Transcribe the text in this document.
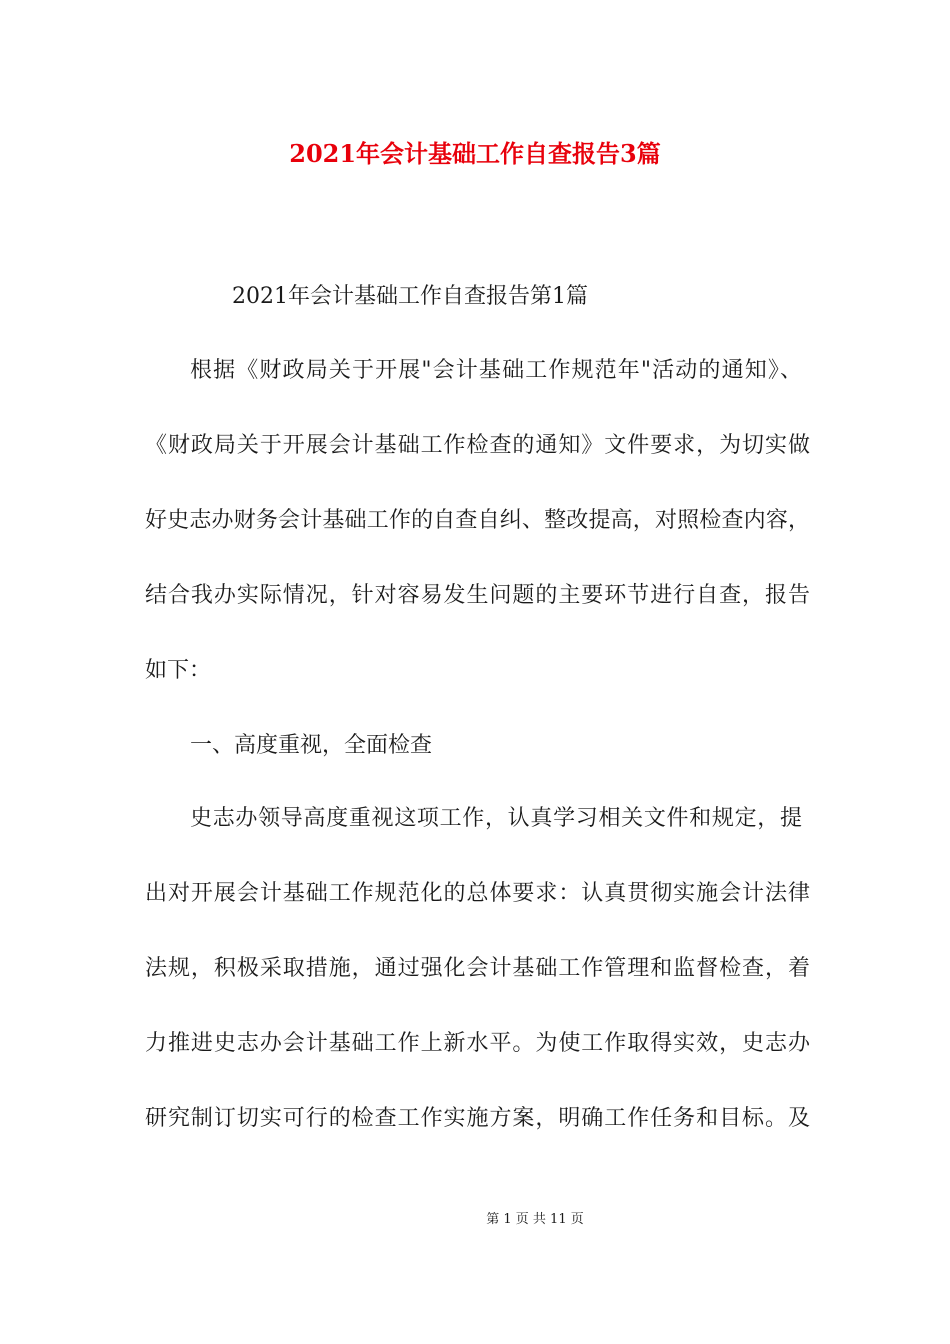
2021年会计基础工作自查报告3篇
2021年会计基础工作自查报告第1篇
根据《财政局关于开展"会计基础工作规范年"活动的通知》、
《财政局关于开展会计基础工作检查的通知》文件要求，为切实做
好史志办财务会计基础工作的自查自纠、整改提高，对照检查内容，
结合我办实际情况，针对容易发生问题的主要环节进行自查，报告
如下：
一、高度重视，全面检查
史志办领导高度重视这项工作，认真学习相关文件和规定，提
出对开展会计基础工作规范化的总体要求：认真贯彻实施会计法律
法规，积极采取措施，通过强化会计基础工作管理和监督检查，着
力推进史志办会计基础工作上新水平。为使工作取得实效，史志办
研究制订切实可行的检查工作实施方案，明确工作任务和目标。及
第 1 页 共 11 页
